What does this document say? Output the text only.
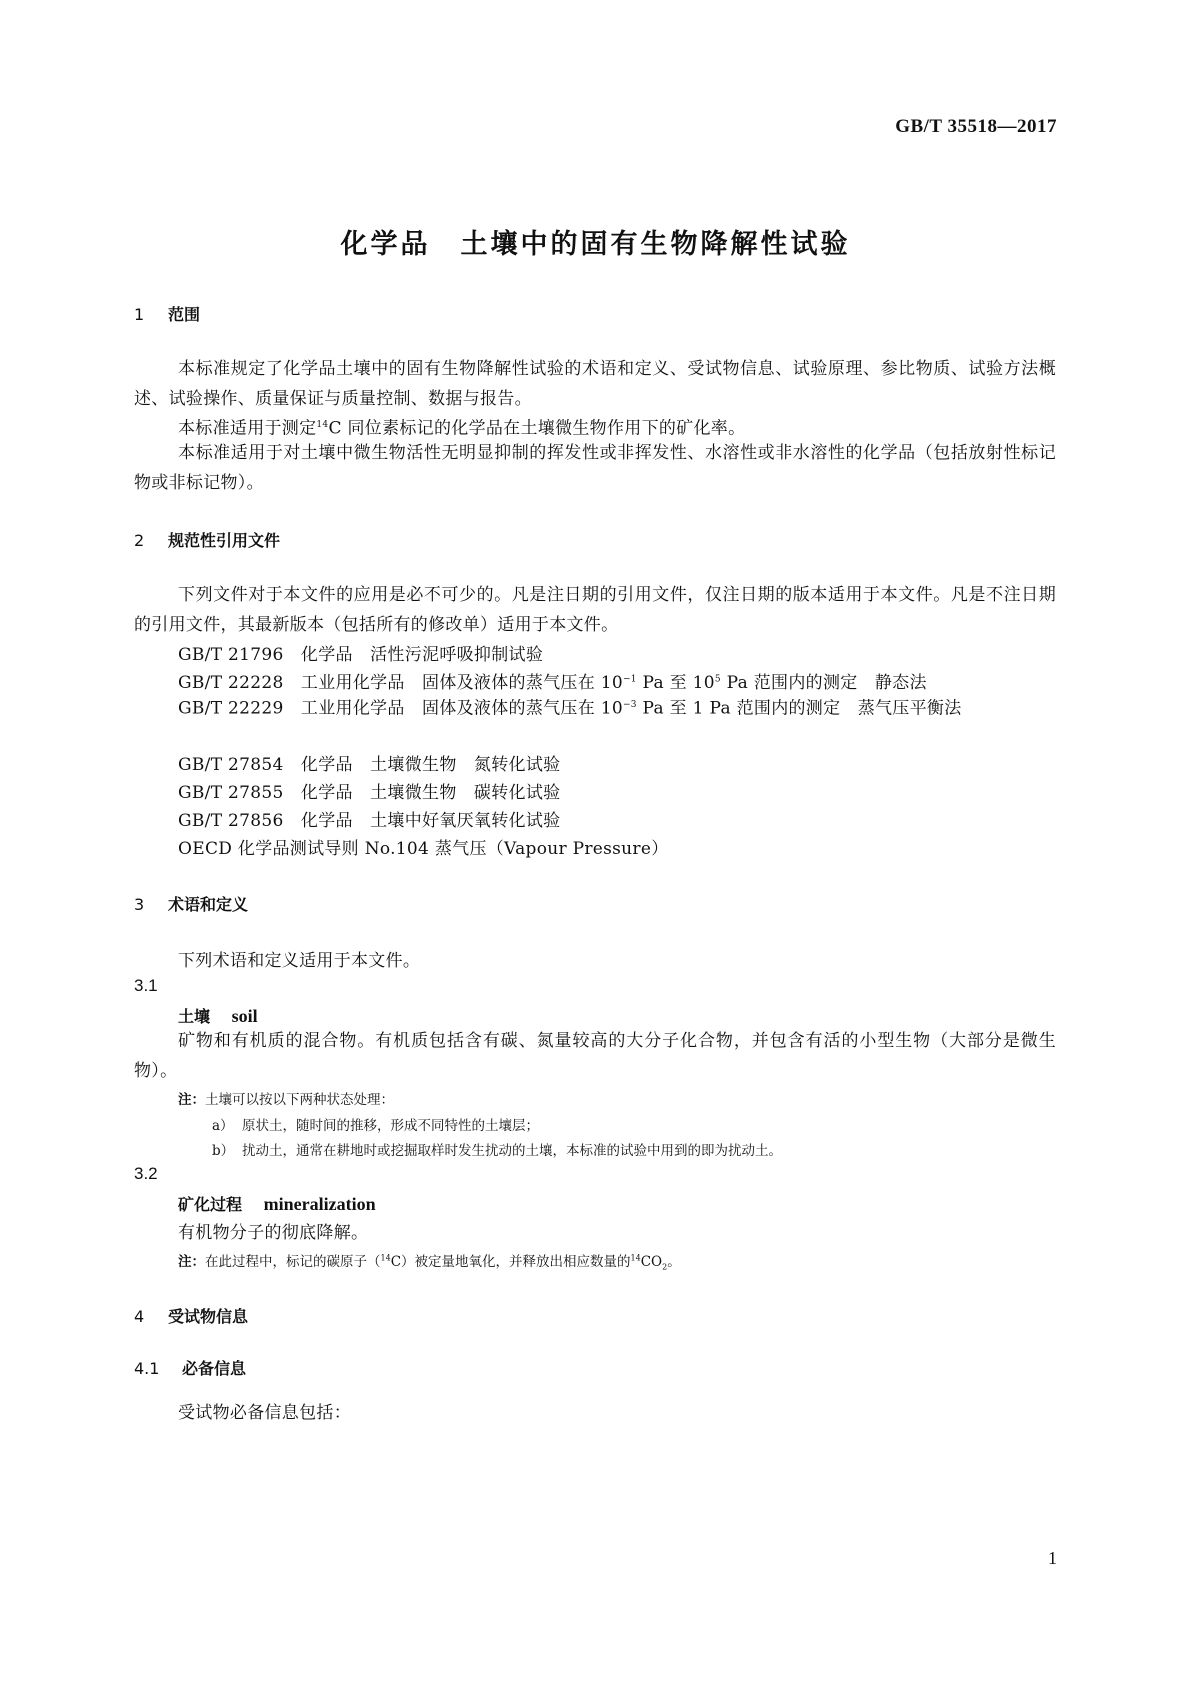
GB/T 35518—2017
化学品　土壤中的固有生物降解性试验
1 范围
本标准规定了化学品土壤中的固有生物降解性试验的术语和定义、受试物信息、试验原理、参比物质、试验方法概述、试验操作、质量保证与质量控制、数据与报告。
本标准适用于测定$^{14}$C 同位素标记的化学品在土壤微生物作用下的矿化率。
本标准适用于对土壤中微生物活性无明显抑制的挥发性或非挥发性、水溶性或非水溶性的化学品（包括放射性标记物或非标记物）。
2 规范性引用文件
下列文件对于本文件的应用是必不可少的。凡是注日期的引用文件，仅注日期的版本适用于本文件。凡是不注日期的引用文件，其最新版本（包括所有的修改单）适用于本文件。
GB/T 21796　化学品　活性污泥呼吸抑制试验
GB/T 22228　工业用化学品　固体及液体的蒸气压在 $10^{-1}$ Pa 至 $10^5$ Pa 范围内的测定　静态法
GB/T 22229　工业用化学品　固体及液体的蒸气压在 $10^{-3}$ Pa 至 1 Pa 范围内的测定　蒸气压平衡法
GB/T 27854　化学品　土壤微生物　氮转化试验
GB/T 27855　化学品　土壤微生物　碳转化试验
GB/T 27856　化学品　土壤中好氧厌氧转化试验
OECD 化学品测试导则 No.104 蒸气压（Vapour Pressure）
3 术语和定义
下列术语和定义适用于本文件。
3.1
土壤　 soil
矿物和有机质的混合物。有机质包括含有碳、氮量较高的大分子化合物，并包含有活的小型生物（大部分是微生物）。
注：土壤可以按以下两种状态处理：
a） 原状土，随时间的推移，形成不同特性的土壤层；
b） 扰动土，通常在耕地时或挖掘取样时发生扰动的土壤，本标准的试验中用到的即为扰动土。
3.2
矿化过程　 mineralization
有机物分子的彻底降解。
注：在此过程中，标记的碳原子（$^{14}$C）被定量地氧化，并释放出相应数量的$^{14}CO_2$。
4 受试物信息
4.1 必备信息
受试物必备信息包括：
1
